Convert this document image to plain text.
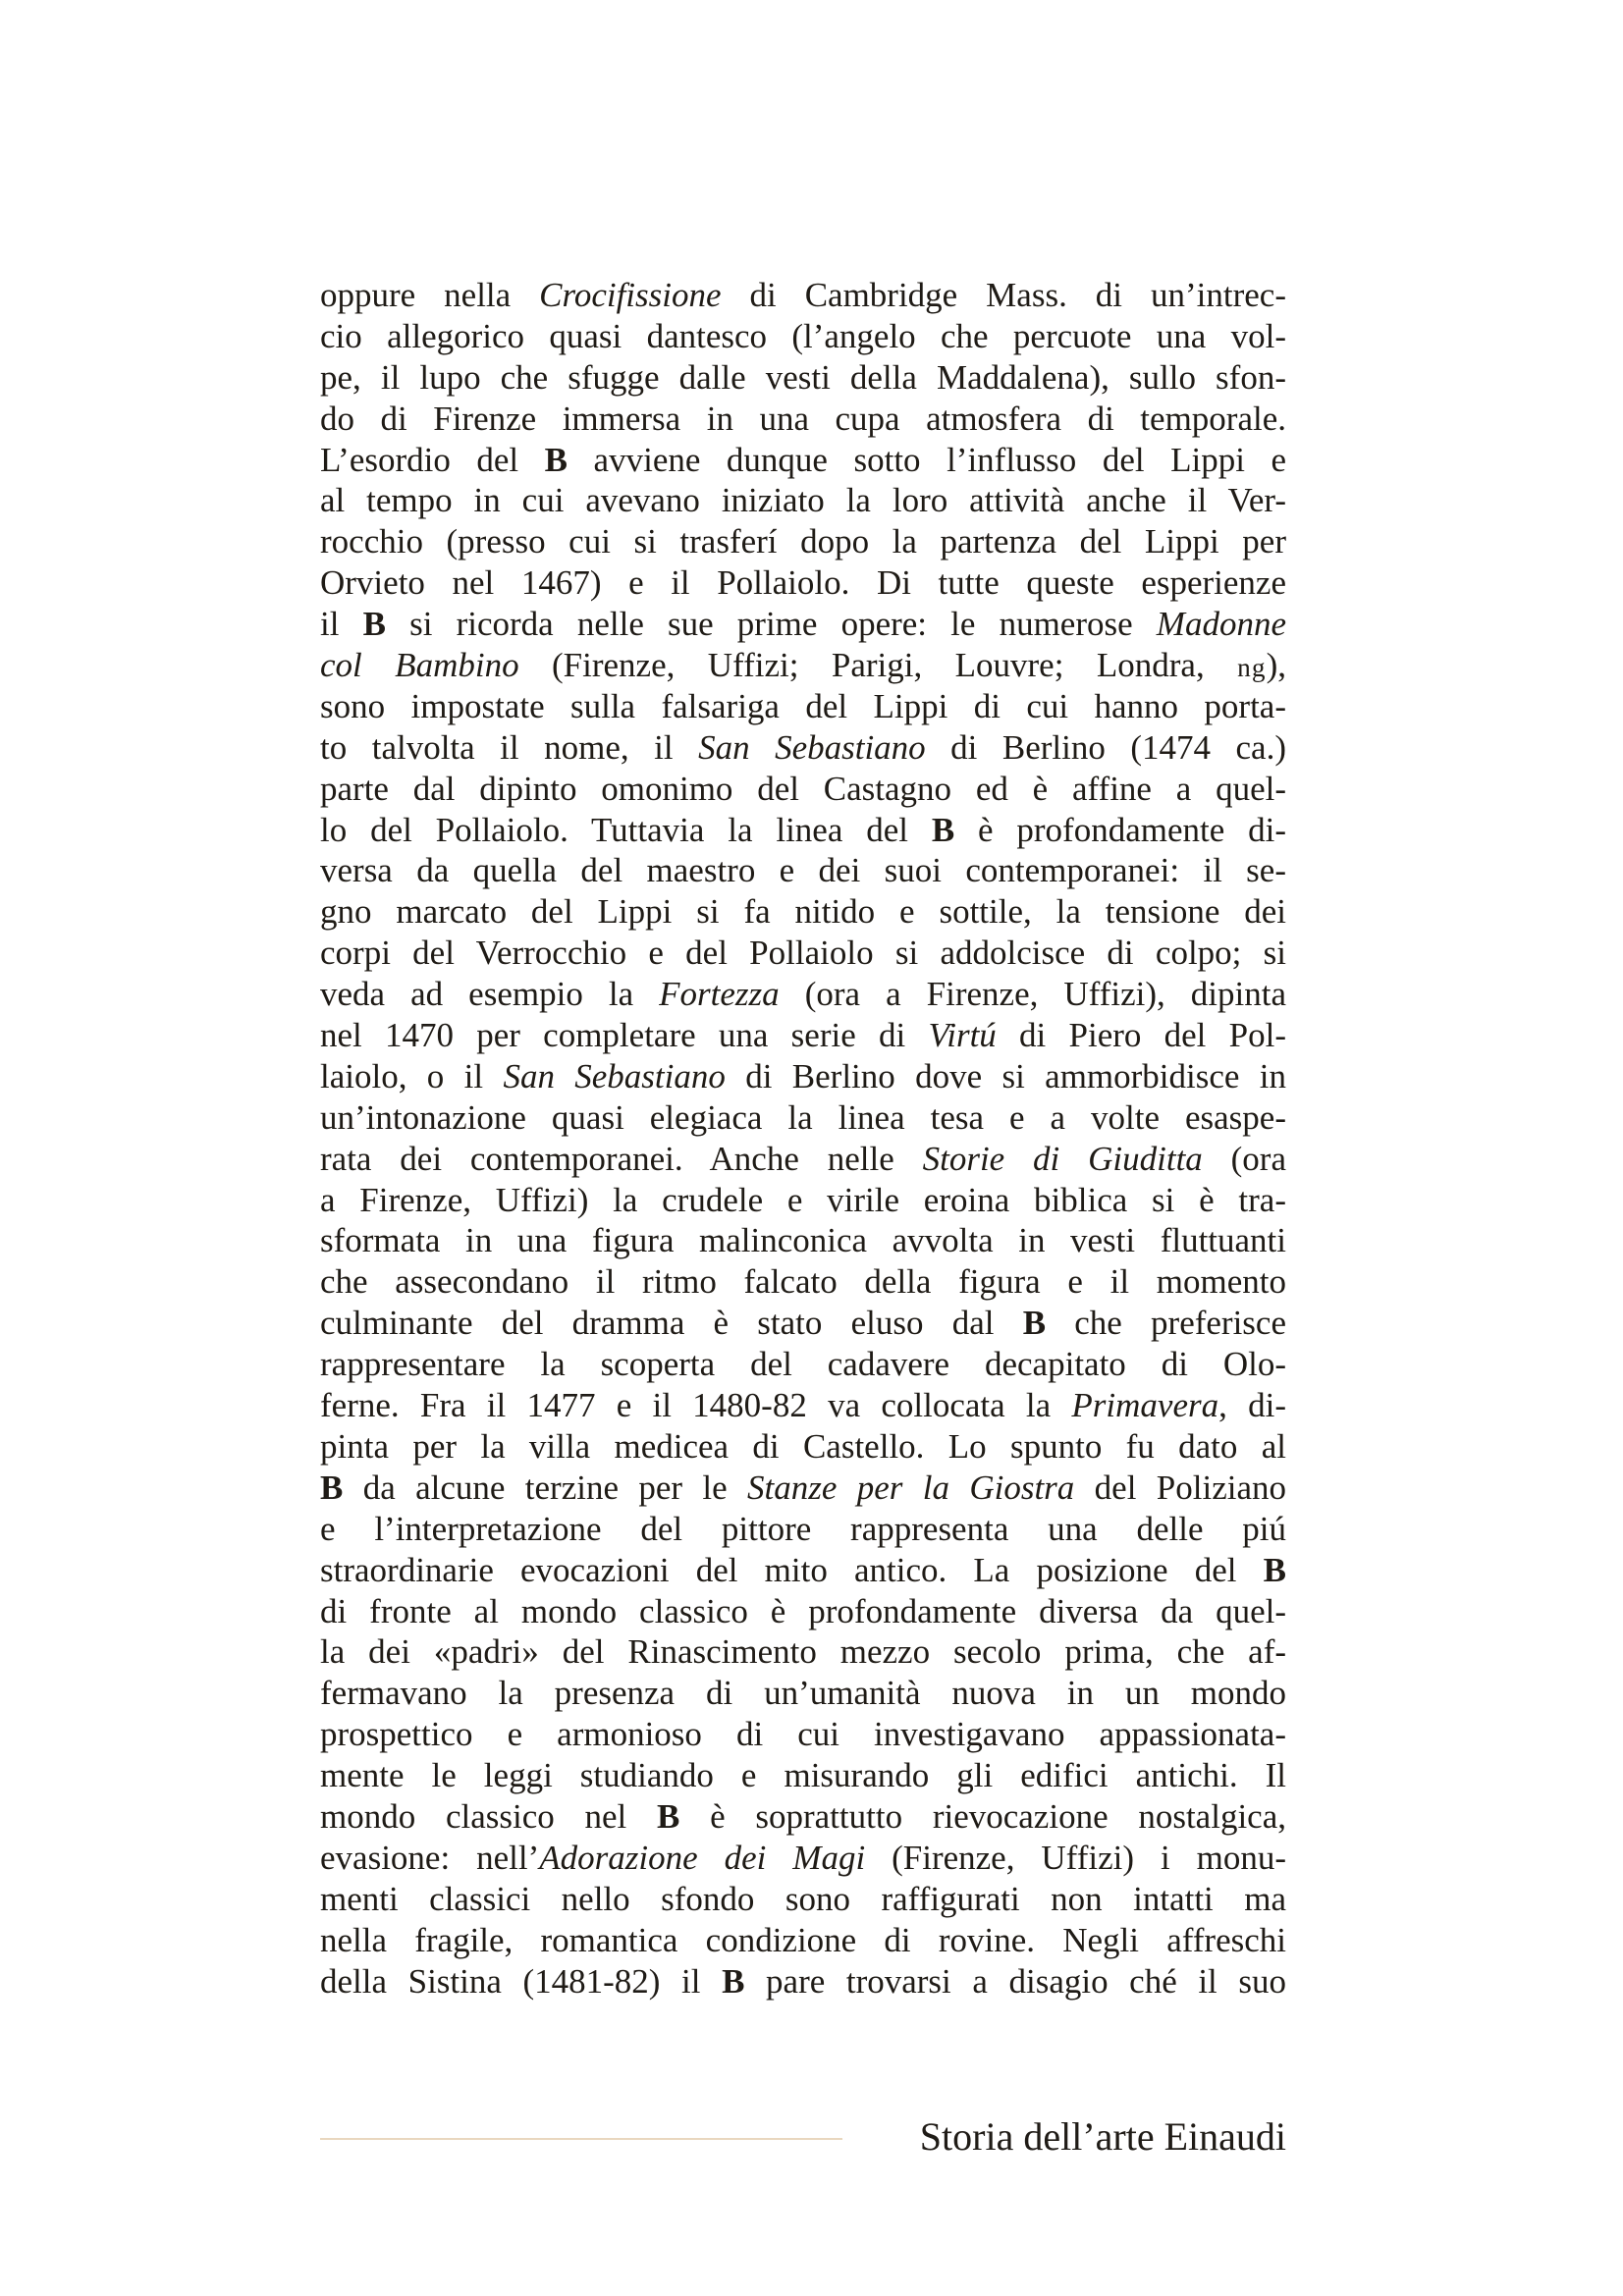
oppure nella Crocifissione di Cambridge Mass. di un’intrec-
cio allegorico quasi dantesco (l’angelo che percuote una vol-
pe, il lupo che sfugge dalle vesti della Maddalena), sullo sfon-
do di Firenze immersa in una cupa atmosfera di temporale.
L’esordio del B avviene dunque sotto l’influsso del Lippi e
al tempo in cui avevano iniziato la loro attività anche il Ver-
rocchio (presso cui si trasferí dopo la partenza del Lippi per
Orvieto nel 1467) e il Pollaiolo. Di tutte queste esperienze
il B si ricorda nelle sue prime opere: le numerose Madonne
col Bambino (Firenze, Uffizi; Parigi, Louvre; Londra, ng),
sono impostate sulla falsariga del Lippi di cui hanno porta-
to talvolta il nome, il San Sebastiano di Berlino (1474 ca.)
parte dal dipinto omonimo del Castagno ed è affine a quel-
lo del Pollaiolo. Tuttavia la linea del B è profondamente di-
versa da quella del maestro e dei suoi contemporanei: il se-
gno marcato del Lippi si fa nitido e sottile, la tensione dei
corpi del Verrocchio e del Pollaiolo si addolcisce di colpo; si
veda ad esempio la Fortezza (ora a Firenze, Uffizi), dipinta
nel 1470 per completare una serie di Virtú di Piero del Pol-
laiolo, o il San Sebastiano di Berlino dove si ammorbidisce in
un’intonazione quasi elegiaca la linea tesa e a volte esaspe-
rata dei contemporanei. Anche nelle Storie di Giuditta (ora
a Firenze, Uffizi) la crudele e virile eroina biblica si è tra-
sformata in una figura malinconica avvolta in vesti fluttuanti
che assecondano il ritmo falcato della figura e il momento
culminante del dramma è stato eluso dal B che preferisce
rappresentare la scoperta del cadavere decapitato di Olo-
ferne. Fra il 1477 e il 1480-82 va collocata la Primavera, di-
pinta per la villa medicea di Castello. Lo spunto fu dato al
B da alcune terzine per le Stanze per la Giostra del Poliziano
e l’interpretazione del pittore rappresenta una delle piú
straordinarie evocazioni del mito antico. La posizione del B
di fronte al mondo classico è profondamente diversa da quel-
la dei «padri» del Rinascimento mezzo secolo prima, che af-
fermavano la presenza di un’umanità nuova in un mondo
prospettico e armonioso di cui investigavano appassionata-
mente le leggi studiando e misurando gli edifici antichi. Il
mondo classico nel B è soprattutto rievocazione nostalgica,
evasione: nell’Adorazione dei Magi (Firenze, Uffizi) i monu-
menti classici nello sfondo sono raffigurati non intatti ma
nella fragile, romantica condizione di rovine. Negli affreschi
della Sistina (1481-82) il B pare trovarsi a disagio ché il suo
Storia dell’arte Einaudi
